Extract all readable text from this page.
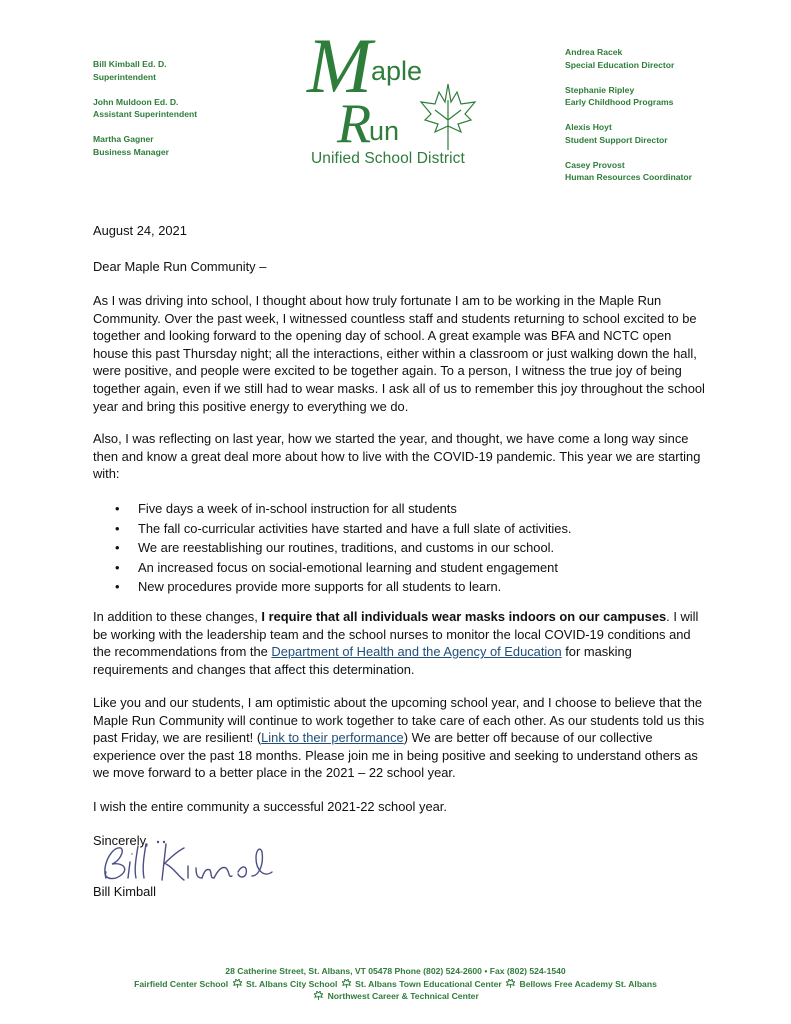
Bill Kimball Ed. D.
Superintendent
John Muldoon Ed. D.
Assistant Superintendent
Martha Gagner
Business Manager
M aple
R
un
Unified School District
Andrea Racek
Special Education Director
Stephanie Ripley
Early Childhood Programs
Alexis Hoyt
Student Support Director
Casey Provost
Human Resources Coordinator
August 24, 2021
Dear Maple Run Community –
As I was driving into school, I thought about how truly fortunate I am to be working in the Maple Run Community. Over the past week, I witnessed countless staff and students returning to school excited to be together and looking forward to the opening day of school. A great example was BFA and NCTC open house this past Thursday night; all the interactions, either within a classroom or just walking down the hall, were positive, and people were excited to be together again. To a person, I witness the true joy of being together again, even if we still had to wear masks. I ask all of us to remember this joy throughout the school year and bring this positive energy to everything we do.
Also, I was reflecting on last year, how we started the year, and thought, we have come a long way since then and know a great deal more about how to live with the COVID-19 pandemic. This year we are starting with:
• Five days a week of in-school instruction for all students
• The fall co-curricular activities have started and have a full slate of activities.
• We are reestablishing our routines, traditions, and customs in our school.
• An increased focus on social-emotional learning and student engagement
• New procedures provide more supports for all students to learn.
In addition to these changes, I require that all individuals wear masks indoors on our campuses. I will be working with the leadership team and the school nurses to monitor the local COVID-19 conditions and the recommendations from the Department of Health and the Agency of Education for masking requirements and changes that affect this determination.
Like you and our students, I am optimistic about the upcoming school year, and I choose to believe that the Maple Run Community will continue to work together to take care of each other. As our students told us this past Friday, we are resilient! (Link to their performance) We are better off because of our collective experience over the past 18 months. Please join me in being positive and seeking to understand others as we move forward to a better place in the 2021 – 22 school year.
I wish the entire community a successful 2021-22 school year.
Sincerely,
Bill Kimball
28 Catherine Street, St. Albans, VT 05478 Phone (802) 524-2600 • Fax (802) 524-1540
Fairfield Center School St. Albans City School St. Albans Town Educational Center Bellows Free Academy St. Albans
Northwest Career & Technical Center
